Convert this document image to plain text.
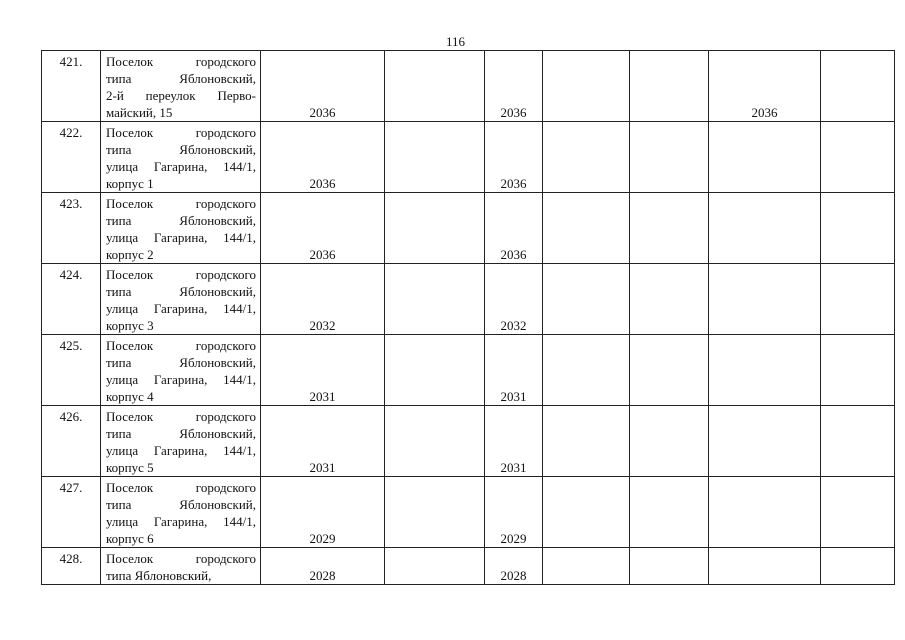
116
421.	Поселок городского
типа Яблоновский,
2-й переулок Перво-
майский, 15	2036		2036			2036	

422.	Поселок городского
типа Яблоновский,
улица Гагарина, 144/1,
корпус 1	2036		2036				

423.	Поселок городского
типа Яблоновский,
улица Гагарина, 144/1,
корпус 2	2036		2036				

424.	Поселок городского
типа Яблоновский,
улица Гагарина, 144/1,
корпус 3	2032		2032				

425.	Поселок городского
типа Яблоновский,
улица Гагарина, 144/1,
корпус 4	2031		2031				

426.	Поселок городского
типа Яблоновский,
улица Гагарина, 144/1,
корпус 5	2031		2031				

427.	Поселок городского
типа Яблоновский,
улица Гагарина, 144/1,
корпус 6	2029		2029				

428.	Поселок городского
типа Яблоновский,	2028		2028				
